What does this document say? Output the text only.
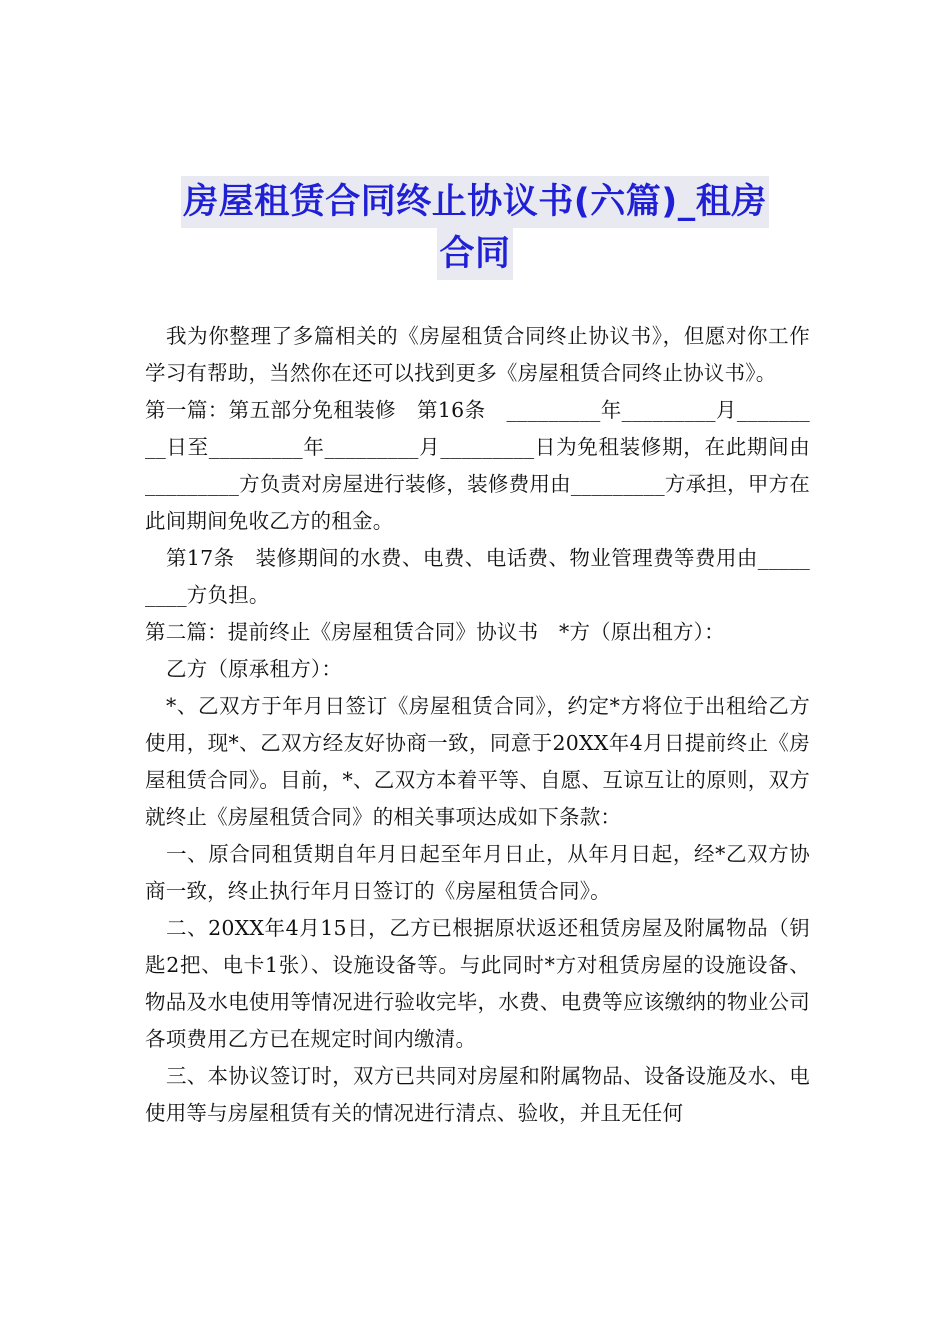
房屋租赁合同终止协议书(六篇)_租房
合同

我为你整理了多篇相关的《房屋租赁合同终止协议书》，但愿对你工作学习有帮助，当然你在还可以找到更多《房屋租赁合同终止协议书》。

第一篇：第五部分免租装修　第16条　_________年_________月_________日至_________年_________月_________日为免租装修期，在此期间由_________方负责对房屋进行装修，装修费用由_________方承担，甲方在此间期间免收乙方的租金。

第17条　装修期间的水费、电费、电话费、物业管理费等费用由_________方负担。

第二篇：提前终止《房屋租赁合同》协议书　*方（原出租方）：

乙方（原承租方）：

*、乙双方于年月日签订《房屋租赁合同》，约定*方将位于出租给乙方使用，现*、乙双方经友好协商一致，同意于20XX年4月日提前终止《房屋租赁合同》。目前，*、乙双方本着平等、自愿、互谅互让的原则，双方就终止《房屋租赁合同》的相关事项达成如下条款：

一、原合同租赁期自年月日起至年月日止，从年月日起，经*乙双方协商一致，终止执行年月日签订的《房屋租赁合同》。

二、20XX年4月15日，乙方已根据原状返还租赁房屋及附属物品（钥匙2把、电卡1张）、设施设备等。与此同时*方对租赁房屋的设施设备、物品及水电使用等情况进行验收完毕，水费、电费等应该缴纳的物业公司各项费用乙方已在规定时间内缴清。

三、本协议签订时，双方已共同对房屋和附属物品、设备设施及水、电使用等与房屋租赁有关的情况进行清点、验收，并且无任何
